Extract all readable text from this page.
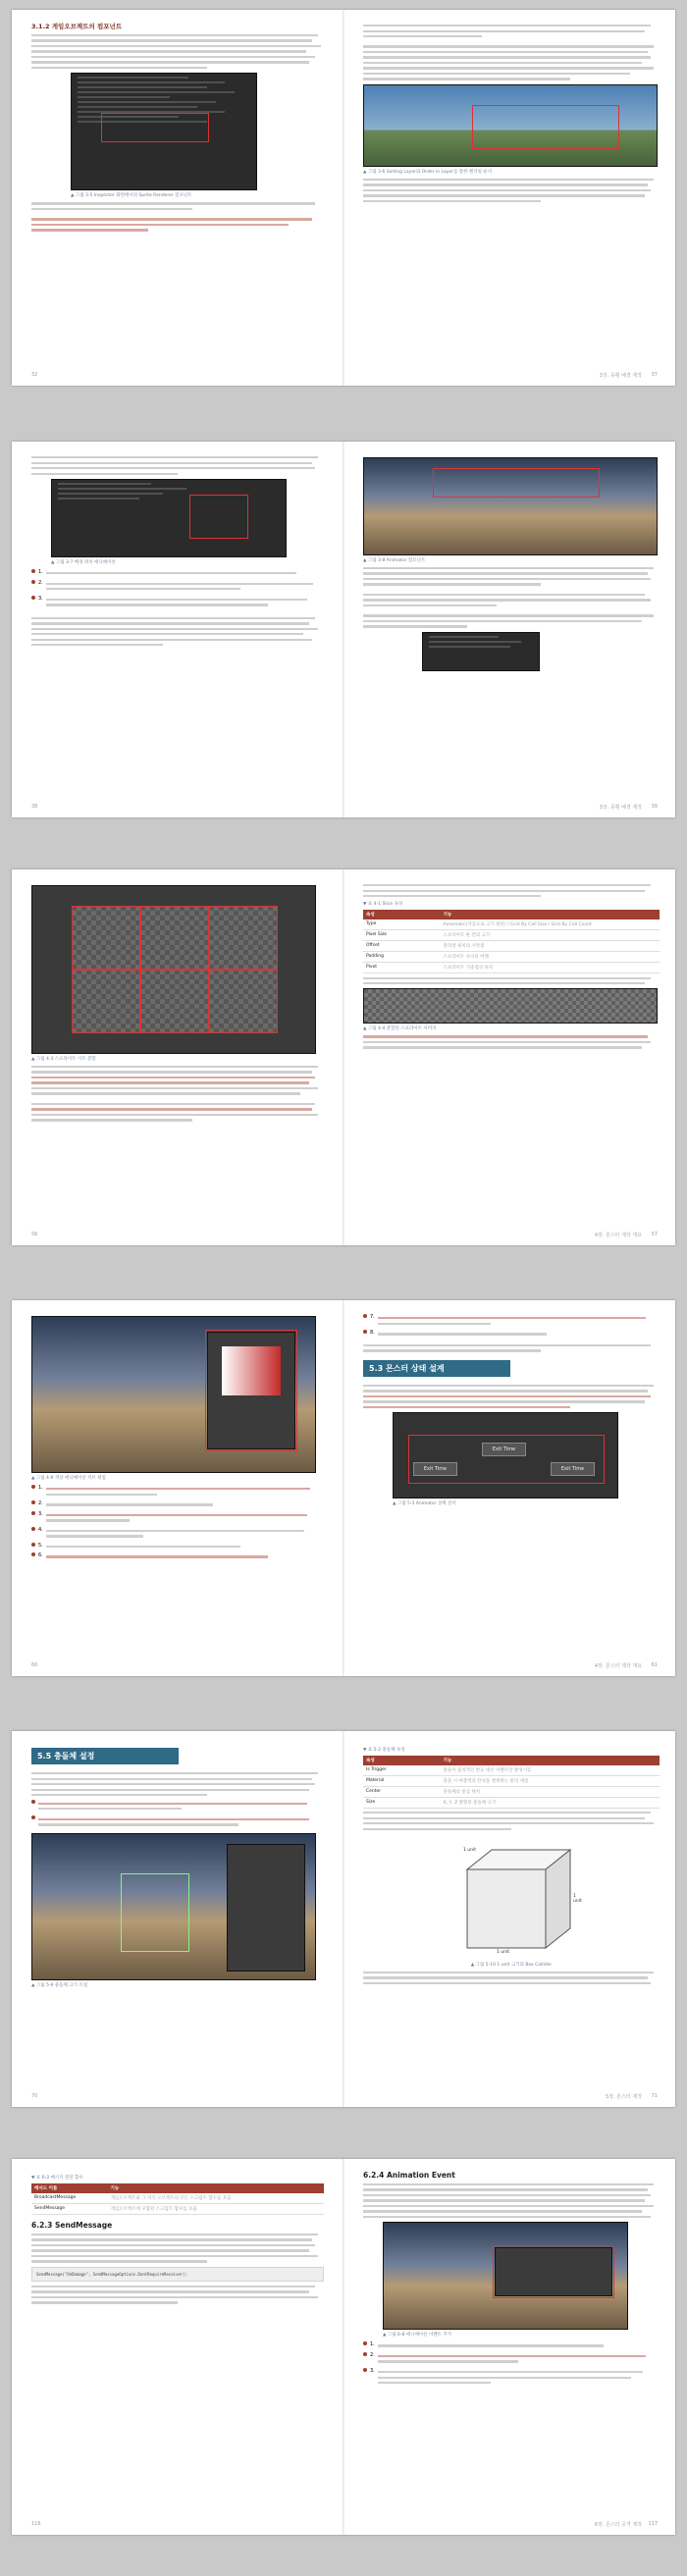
3.1.2 게임오브젝트의 컴포넌트
▲ 그림 3-5 Inspector 화면에서의 Sprite Renderer 컴포넌트
32
▲ 그림 3-6 Sorting Layer와 Order in Layer를 통한 렌더링 순서
3장. 종횡 배경 제작 37
▲ 그림 3-7 배경 위치 애니메이션
1.
2.
3.
38
▲ 그림 3-8 Animator 컴포넌트
3장. 종횡 배경 제작 39
▲ 그림 4-3 스프라이트 시트 분할
56
▼ 표 4-1 Slice 속성
속성	기능
Type	Automatic(자동으로 크기 판단) / Grid By Cell Size / Grid By Cell Count
Pixel Size	스프라이트 한 칸의 크기
Offset	잘라낼 위치의 시작점
Padding	스프라이트 사이의 여백
Pivot	스프라이트 기준점의 위치
▲ 그림 4-4 분할된 스프라이트 이미지
4장. 몬스터 제작 개요 57
▲ 그림 4-9 색상 애니메이션 커브 편집
1.
2.
3.
4.
5.
6.
60
7.
8.
5.3 몬스터 상태 설계
Exit Time
Exit Time
Exit Time
▲ 그림 5-3 Animator 상태 전이
4장. 몬스터 제작 개요 61
5.5 충돌체 설정
▲ 그림 5-9 충돌체 크기 조절
70
▼ 표 5-2 충돌체 속성
속성	기능
Is Trigger	충돌이 물리적인 반응 대신 이벤트만 발생시킴
Material	충돌 시 마찰력과 탄성을 결정하는 물리 재질
Center	충돌체의 중심 위치
Size	X, Y, Z 방향의 충돌체 크기
1 unit
1 unit
1 unit
▲ 그림 5-10 1 unit 크기의 Box Collider
5장. 몬스터 제작 71
▼ 표 6-3 메시지 전달 함수
메서드 이름	기능
BroadcastMessage	게임오브젝트와 그 자식 오브젝트의 모든 스크립트 함수를 호출
SendMessage	게임오브젝트에 포함된 스크립트 함수를 호출
6.2.3 SendMessage
SendMessage("OnDamage", SendMessageOptions.DontRequireReceiver);
116
6.2.4 Animation Event
▲ 그림 6-8 애니메이션 이벤트 추가
1.
2.
3.
6장. 몬스터 공격 제작 117
